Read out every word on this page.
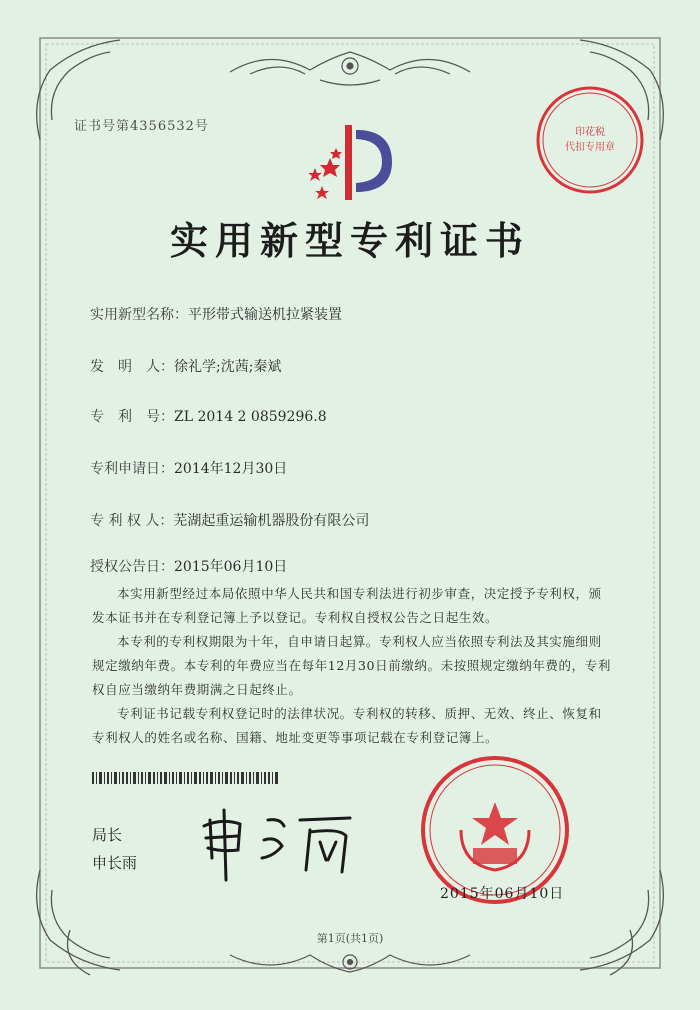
印花税
代扣专用章
证书号第4356532号
实用新型专利证书
实用新型名称：平形带式输送机拉紧装置
发　明　人：徐礼学;沈茜;秦斌
专　利　号：ZL 2014 2 0859296.8
专利申请日：2014年12月30日
专 利 权 人：芜湖起重运输机器股份有限公司
授权公告日：2015年06月10日

本实用新型经过本局依照中华人民共和国专利法进行初步审查，决定授予专利权，颁发本证书并在专利登记簿上予以登记。专利权自授权公告之日起生效。

本专利的专利权期限为十年，自申请日起算。专利权人应当依照专利法及其实施细则规定缴纳年费。本专利的年费应当在每年12月30日前缴纳。未按照规定缴纳年费的，专利权自应当缴纳年费期满之日起终止。

专利证书记载专利权登记时的法律状况。专利权的转移、质押、无效、终止、恢复和专利权人的姓名或名称、国籍、地址变更等事项记载在专利登记簿上。

局长
申长雨
2015年06月10日
第1页(共1页)
